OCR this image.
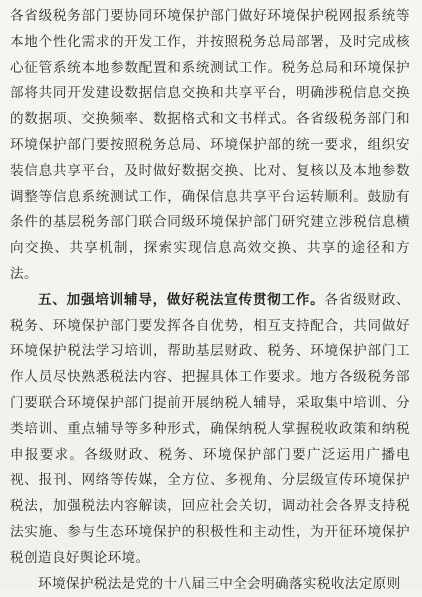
各省级税务部门要协同环境保护部门做好环境保护税网报系统等本地个性化需求的开发工作，并按照税务总局部署，及时完成核心征管系统本地参数配置和系统测试工作。税务总局和环境保护部将共同开发建设数据信息交换和共享平台，明确涉税信息交换的数据项、交换频率、数据格式和文书样式。各省级税务部门和环境保护部门要按照税务总局、环境保护部的统一要求，组织安装信息共享平台，及时做好数据交换、比对、复核以及本地参数调整等信息系统测试工作，确保信息共享平台运转顺利。鼓励有条件的基层税务部门联合同级环境保护部门研究建立涉税信息横向交换、共享机制，探索实现信息高效交换、共享的途径和方法。

五、加强培训辅导，做好税法宣传贯彻工作。各省级财政、税务、环境保护部门要发挥各自优势，相互支持配合，共同做好环境保护税法学习培训，帮助基层财政、税务、环境保护部门工作人员尽快熟悉税法内容、把握具体工作要求。地方各级税务部门要联合环境保护部门提前开展纳税人辅导，采取集中培训、分类培训、重点辅导等多种形式，确保纳税人掌握税收政策和纳税申报要求。各级财政、税务、环境保护部门要广泛运用广播电视、报刊、网络等传媒，全方位、多视角、分层级宣传环境保护税法，加强税法内容解读，回应社会关切，调动社会各界支持税法实施、参与生态环境保护的积极性和主动性，为开征环境保护税创造良好舆论环境。

环境保护税法是党的十八届三中全会明确落实税收法定原则
